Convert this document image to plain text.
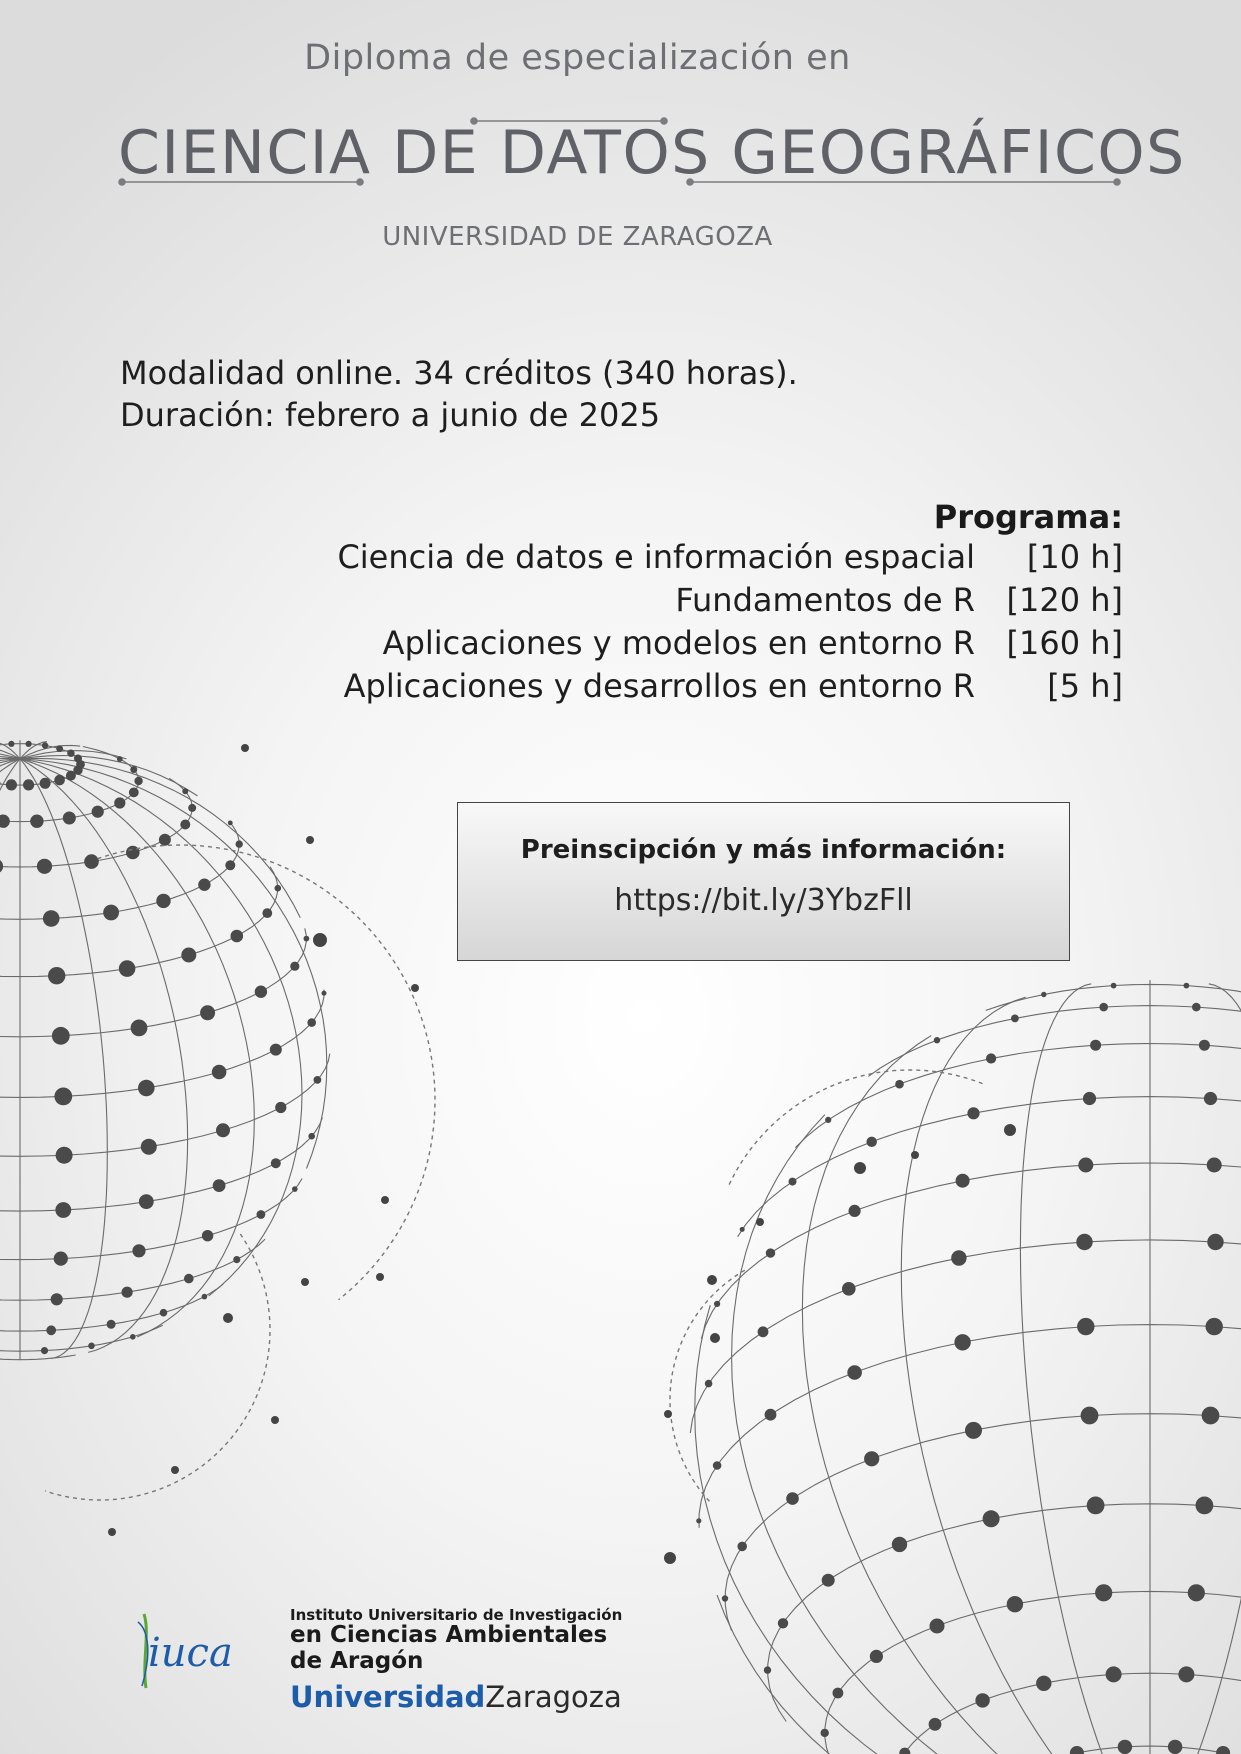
Diploma de especialización en
CIENCIA DE DATOS GEOGRÁFICOS
UNIVERSIDAD DE ZARAGOZA
Modalidad online. 34 créditos (340 horas).
Duración: febrero a junio de 2025
Programa:
Ciencia de datos e información espacial	[10 h]
Fundamentos de R [120 h]
Aplicaciones y modelos en entorno R [160 h]
Aplicaciones y desarrollos en entorno R	[5 h]
Preinscipción y más información:
https://bit.ly/3YbzFll
iuca
Instituto Universitario de Investigación
en Ciencias Ambientales
de Aragón
UniversidadZaragoza
